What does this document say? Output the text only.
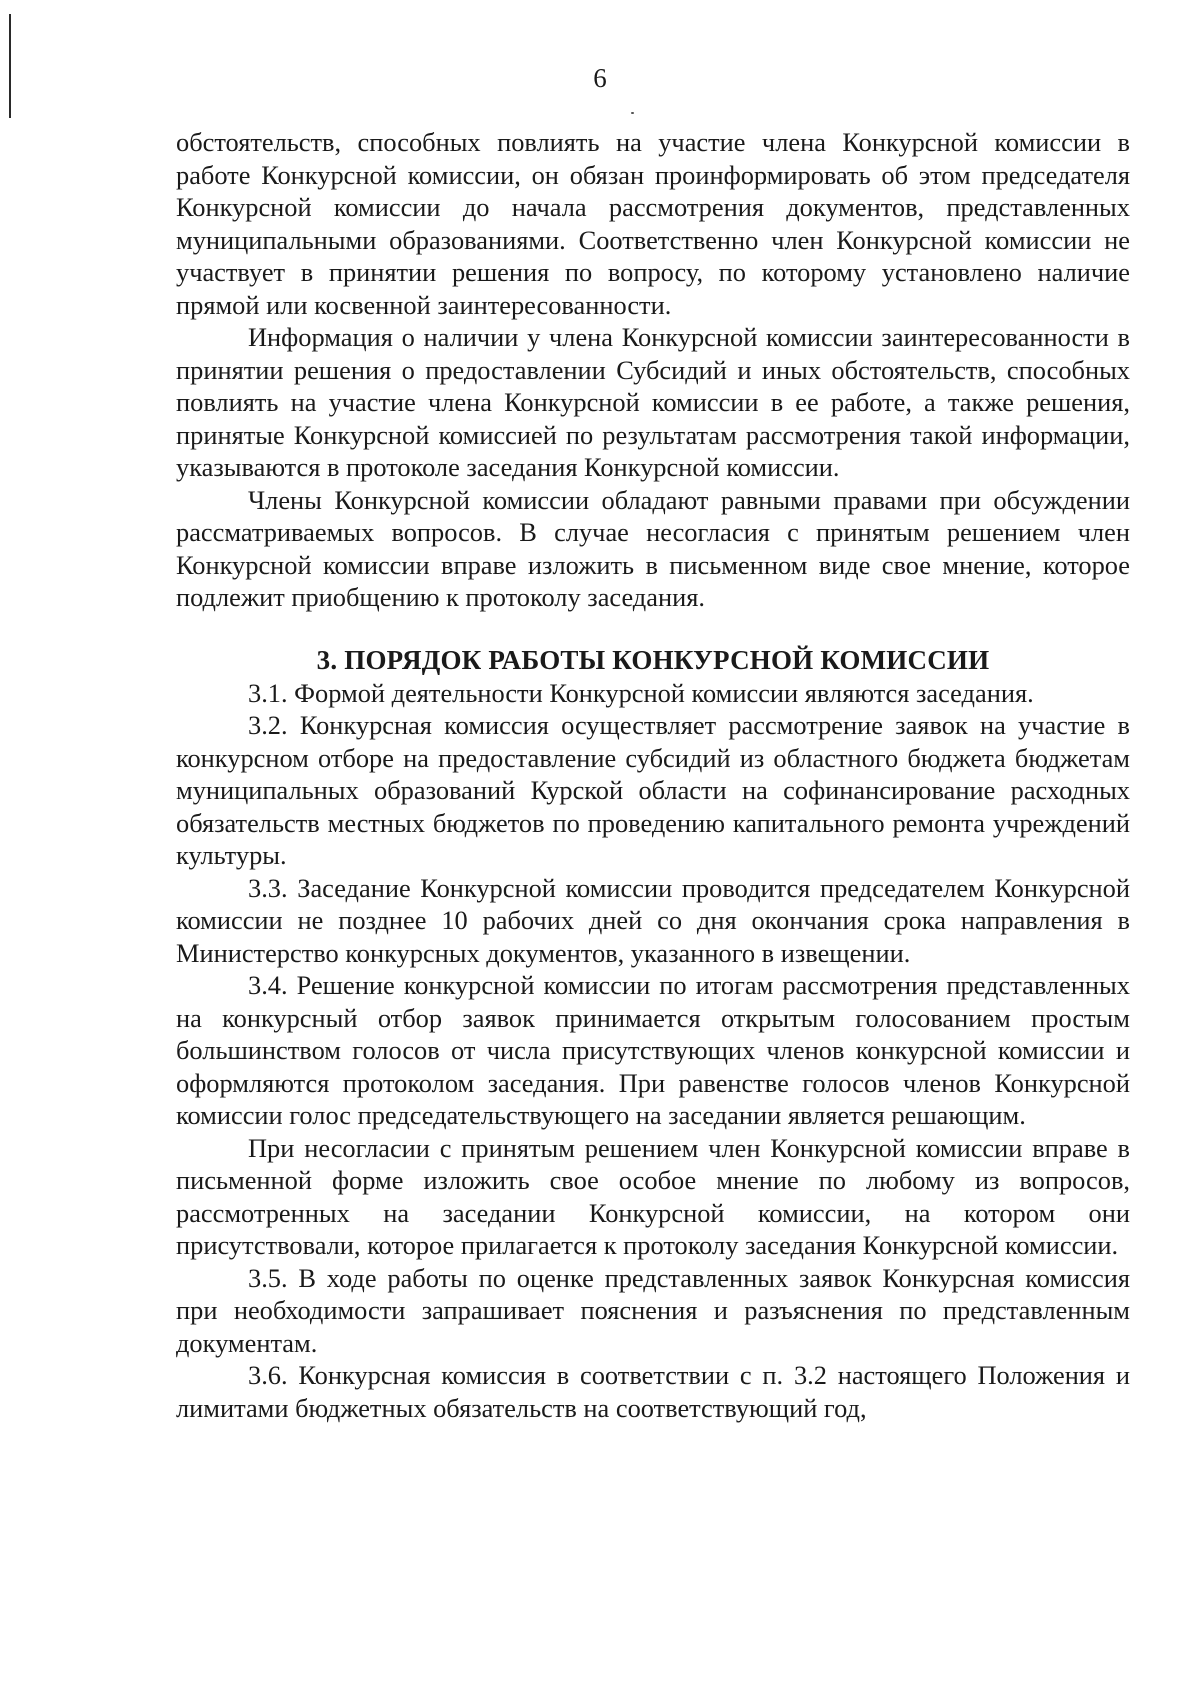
6

обстоятельств, способных повлиять на участие члена Конкурсной комиссии в работе Конкурсной комиссии, он обязан проинформировать об этом председателя Конкурсной комиссии до начала рассмотрения документов, представленных муниципальными образованиями. Соответственно член Конкурсной комиссии не участвует в принятии решения по вопросу, по которому установлено наличие прямой или косвенной заинтересованности.

Информация о наличии у члена Конкурсной комиссии заинтересованности в принятии решения о предоставлении Субсидий и иных обстоятельств, способных повлиять на участие члена Конкурсной комиссии в ее работе, а также решения, принятые Конкурсной комиссией по результатам рассмотрения такой информации, указываются в протоколе заседания Конкурсной комиссии.

Члены Конкурсной комиссии обладают равными правами при обсуждении рассматриваемых вопросов. В случае несогласия с принятым решением член Конкурсной комиссии вправе изложить в письменном виде свое мнение, которое подлежит приобщению к протоколу заседания.

3. ПОРЯДОК РАБОТЫ КОНКУРСНОЙ КОМИССИИ

3.1. Формой деятельности Конкурсной комиссии являются заседания.

3.2. Конкурсная комиссия осуществляет рассмотрение заявок на участие в конкурсном отборе на предоставление субсидий из областного бюджета бюджетам муниципальных образований Курской области на софинансирование расходных обязательств местных бюджетов по проведению капитального ремонта учреждений культуры.

3.3. Заседание Конкурсной комиссии проводится председателем Конкурсной комиссии не позднее 10 рабочих дней со дня окончания срока направления в Министерство конкурсных документов, указанного в извещении.

3.4. Решение конкурсной комиссии по итогам рассмотрения представленных на конкурсный отбор заявок принимается открытым голосованием простым большинством голосов от числа присутствующих членов конкурсной комиссии и оформляются протоколом заседания. При равенстве голосов членов Конкурсной комиссии голос председательствующего на заседании является решающим.

При несогласии с принятым решением член Конкурсной комиссии вправе в письменной форме изложить свое особое мнение по любому из вопросов, рассмотренных на заседании Конкурсной комиссии, на котором они присутствовали, которое прилагается к протоколу заседания Конкурсной комиссии.

3.5. В ходе работы по оценке представленных заявок Конкурсная комиссия при необходимости запрашивает пояснения и разъяснения по представленным документам.

3.6. Конкурсная комиссия в соответствии с п. 3.2 настоящего Положения и лимитами бюджетных обязательств на соответствующий год,
